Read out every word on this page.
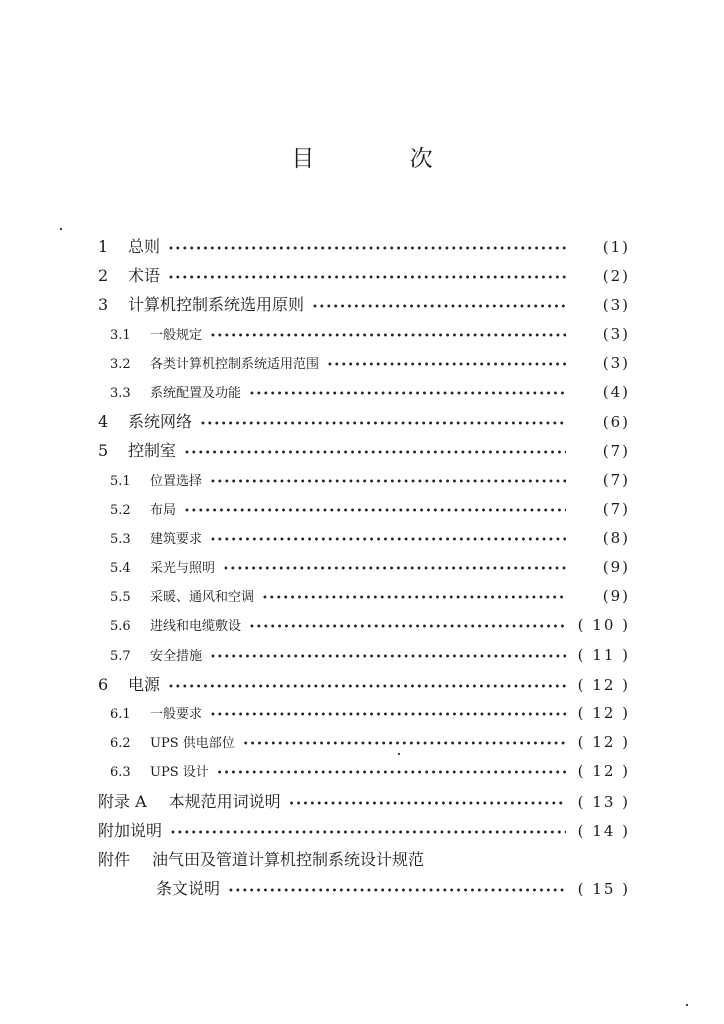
目 次
1	总则 •••••	(1)
2	术语 •••••	(2)
3	计算机控制系统选用原则 •••••	(3)
3.1	一般规定 •••••	(3)
3.2	各类计算机控制系统适用范围 •••••	(3)
3.3	系统配置及功能 •••••	(4)
4	系统网络 •••••	(6)
5	控制室 •••••	(7)
5.1	位置选择 •••••	(7)
5.2	布局 •••••	(7)
5.3	建筑要求 •••••	(8)
5.4	采光与照明 •••••	(9)
5.5	采暖、通风和空调 •••••	(9)
5.6	进线和电缆敷设 •••••	( 10 )
5.7	安全措施 •••••	( 11 )
6	电源 •••••	( 12 )
6.1	一般要求 •••••	( 12 )
6.2	UPS 供电部位 •••••	( 12 )
6.3	UPS 设计 •••••	( 12 )
附录 A 本规范用词说明 •••••	( 13 )
附加说明 •••••	( 14 )
附件 油气田及管道计算机控制系统设计规范
条文说明 •••••	( 15 )
